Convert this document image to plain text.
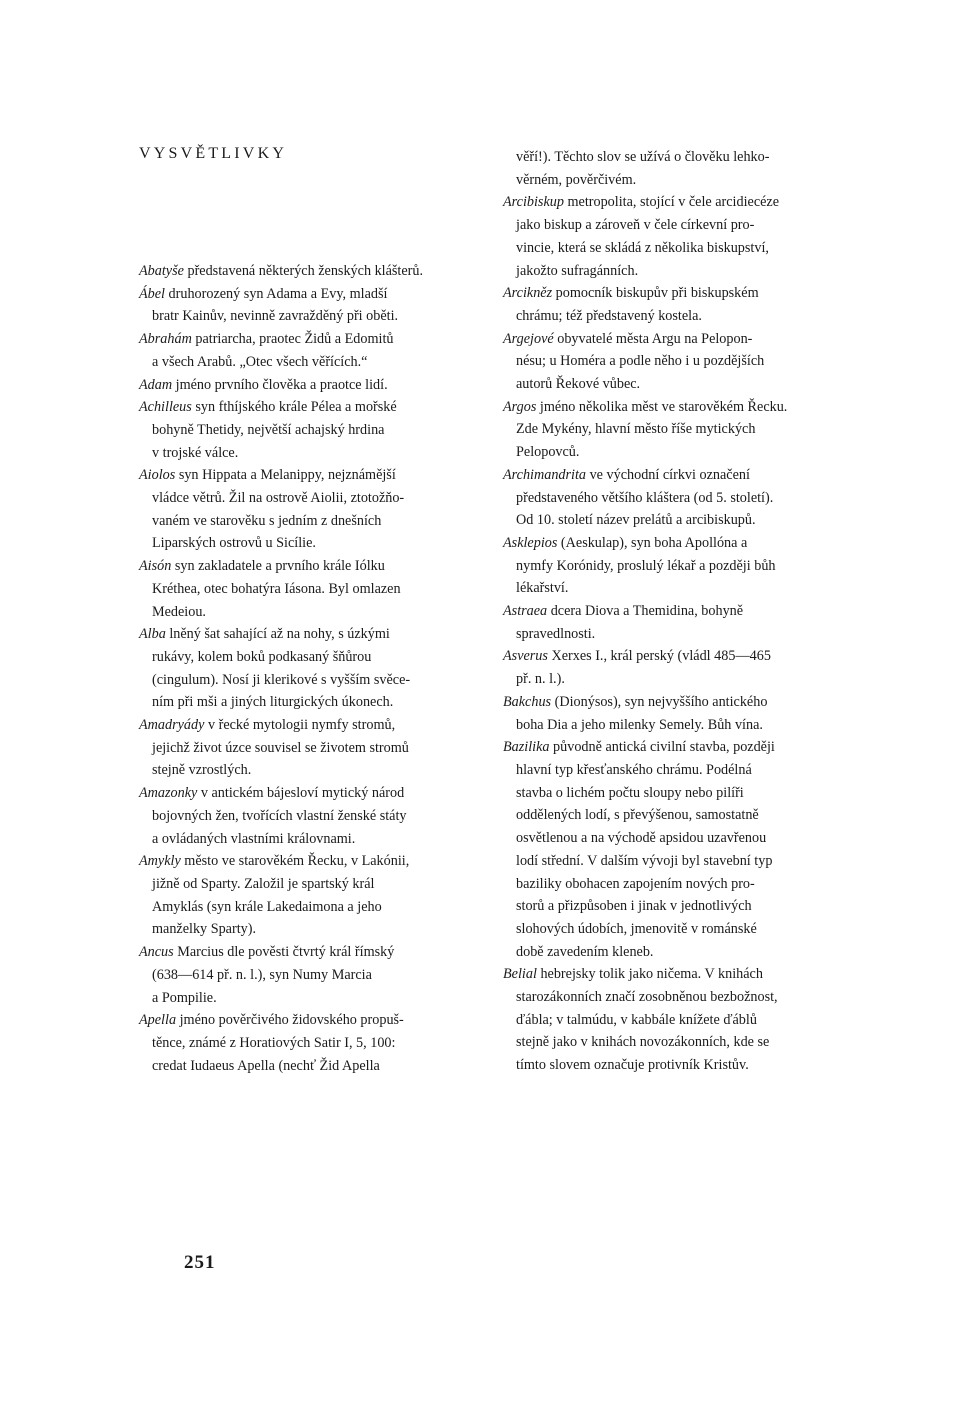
VYSVĚTLIVKY

Abatyše představená některých ženských klášterů.

Ábel druhorozený syn Adama a Evy, mladší
bratr Kainův, nevinně zavražděný při oběti.

Abrahám patriarcha, praotec Židů a Edomitů
a všech Arabů. „Otec všech věřících.“

Adam jméno prvního člověka a praotce lidí.

Achilleus syn fthíjského krále Pélea a mořské
bohyně Thetidy, největší achajský hrdina
v trojské válce.

Aiolos syn Hippata a Melanippy, nejznámější
vládce větrů. Žil na ostrově Aiolii, ztotožňo-
vaném ve starověku s jedním z dnešních
Liparských ostrovů u Sicílie.

Aisón syn zakladatele a prvního krále Iólku
Kréthea, otec bohatýra Iásona. Byl omlazen
Medeiou.

Alba lněný šat sahající až na nohy, s úzkými
rukávy, kolem boků podkasaný šňůrou
(cingulum). Nosí ji klerikové s vyšším svěce-
ním při mši a jiných liturgických úkonech.

Amadryády v řecké mytologii nymfy stromů,
jejichž život úzce souvisel se životem stromů
stejně vzrostlých.

Amazonky v antickém bájesloví mytický národ
bojovných žen, tvořících vlastní ženské státy
a ovládaných vlastními královnami.

Amykly město ve starověkém Řecku, v Lakónii,
jižně od Sparty. Založil je spartský král
Amyklás (syn krále Lakedaimona a jeho
manželky Sparty).

Ancus Marcius dle pověsti čtvrtý král římský
(638—614 př. n. l.), syn Numy Marcia
a Pompilie.

Apella jméno pověrčivého židovského propuš-
těnce, známé z Horatiových Satir I, 5, 100:
credat Iudaeus Apella (nechť Žid Apella

věří!). Těchto slov se užívá o člověku lehko-
věrném, pověrčivém.

Arcibiskup metropolita, stojící v čele arcidiecéze
jako biskup a zároveň v čele církevní pro-
vincie, která se skládá z několika biskupství,
jakožto sufragánních.

Arcikněz pomocník biskupův při biskupském
chrámu; též představený kostela.

Argejové obyvatelé města Argu na Pelopon-
nésu; u Homéra a podle něho i u pozdějších
autorů Řekové vůbec.

Argos jméno několika měst ve starověkém Řecku.
Zde Mykény, hlavní město říše mytických
Pelopovců.

Archimandrita ve východní církvi označení
představeného většího kláštera (od 5. století).
Od 10. století název prelátů a arcibiskupů.

Asklepios (Aeskulap), syn boha Apollóna a
nymfy Korónidy, proslulý lékař a později bůh
lékařství.

Astraea dcera Diova a Themidina, bohyně
spravedlnosti.

Asverus Xerxes I., král perský (vládl 485—465
př. n. l.).

Bakchus (Dionýsos), syn nejvyššího antického
boha Dia a jeho milenky Semely. Bůh vína.

Bazilika původně antická civilní stavba, později
hlavní typ křesťanského chrámu. Podélná
stavba o lichém počtu sloupy nebo pilíři
oddělených lodí, s převýšenou, samostatně
osvětlenou a na východě apsidou uzavřenou
lodí střední. V dalším vývoji byl stavební typ
baziliky obohacen zapojením nových pro-
storů a přizpůsoben i jinak v jednotlivých
slohových údobích, jmenovitě v románské
době zavedením kleneb.

Belial hebrejsky tolik jako ničema. V knihách
starozákonních značí zosobněnou bezbožnost,
ďábla; v talmúdu, v kabbále knížete ďáblů
stejně jako v knihách novozákonních, kde se
tímto slovem označuje protivník Kristův.

251
